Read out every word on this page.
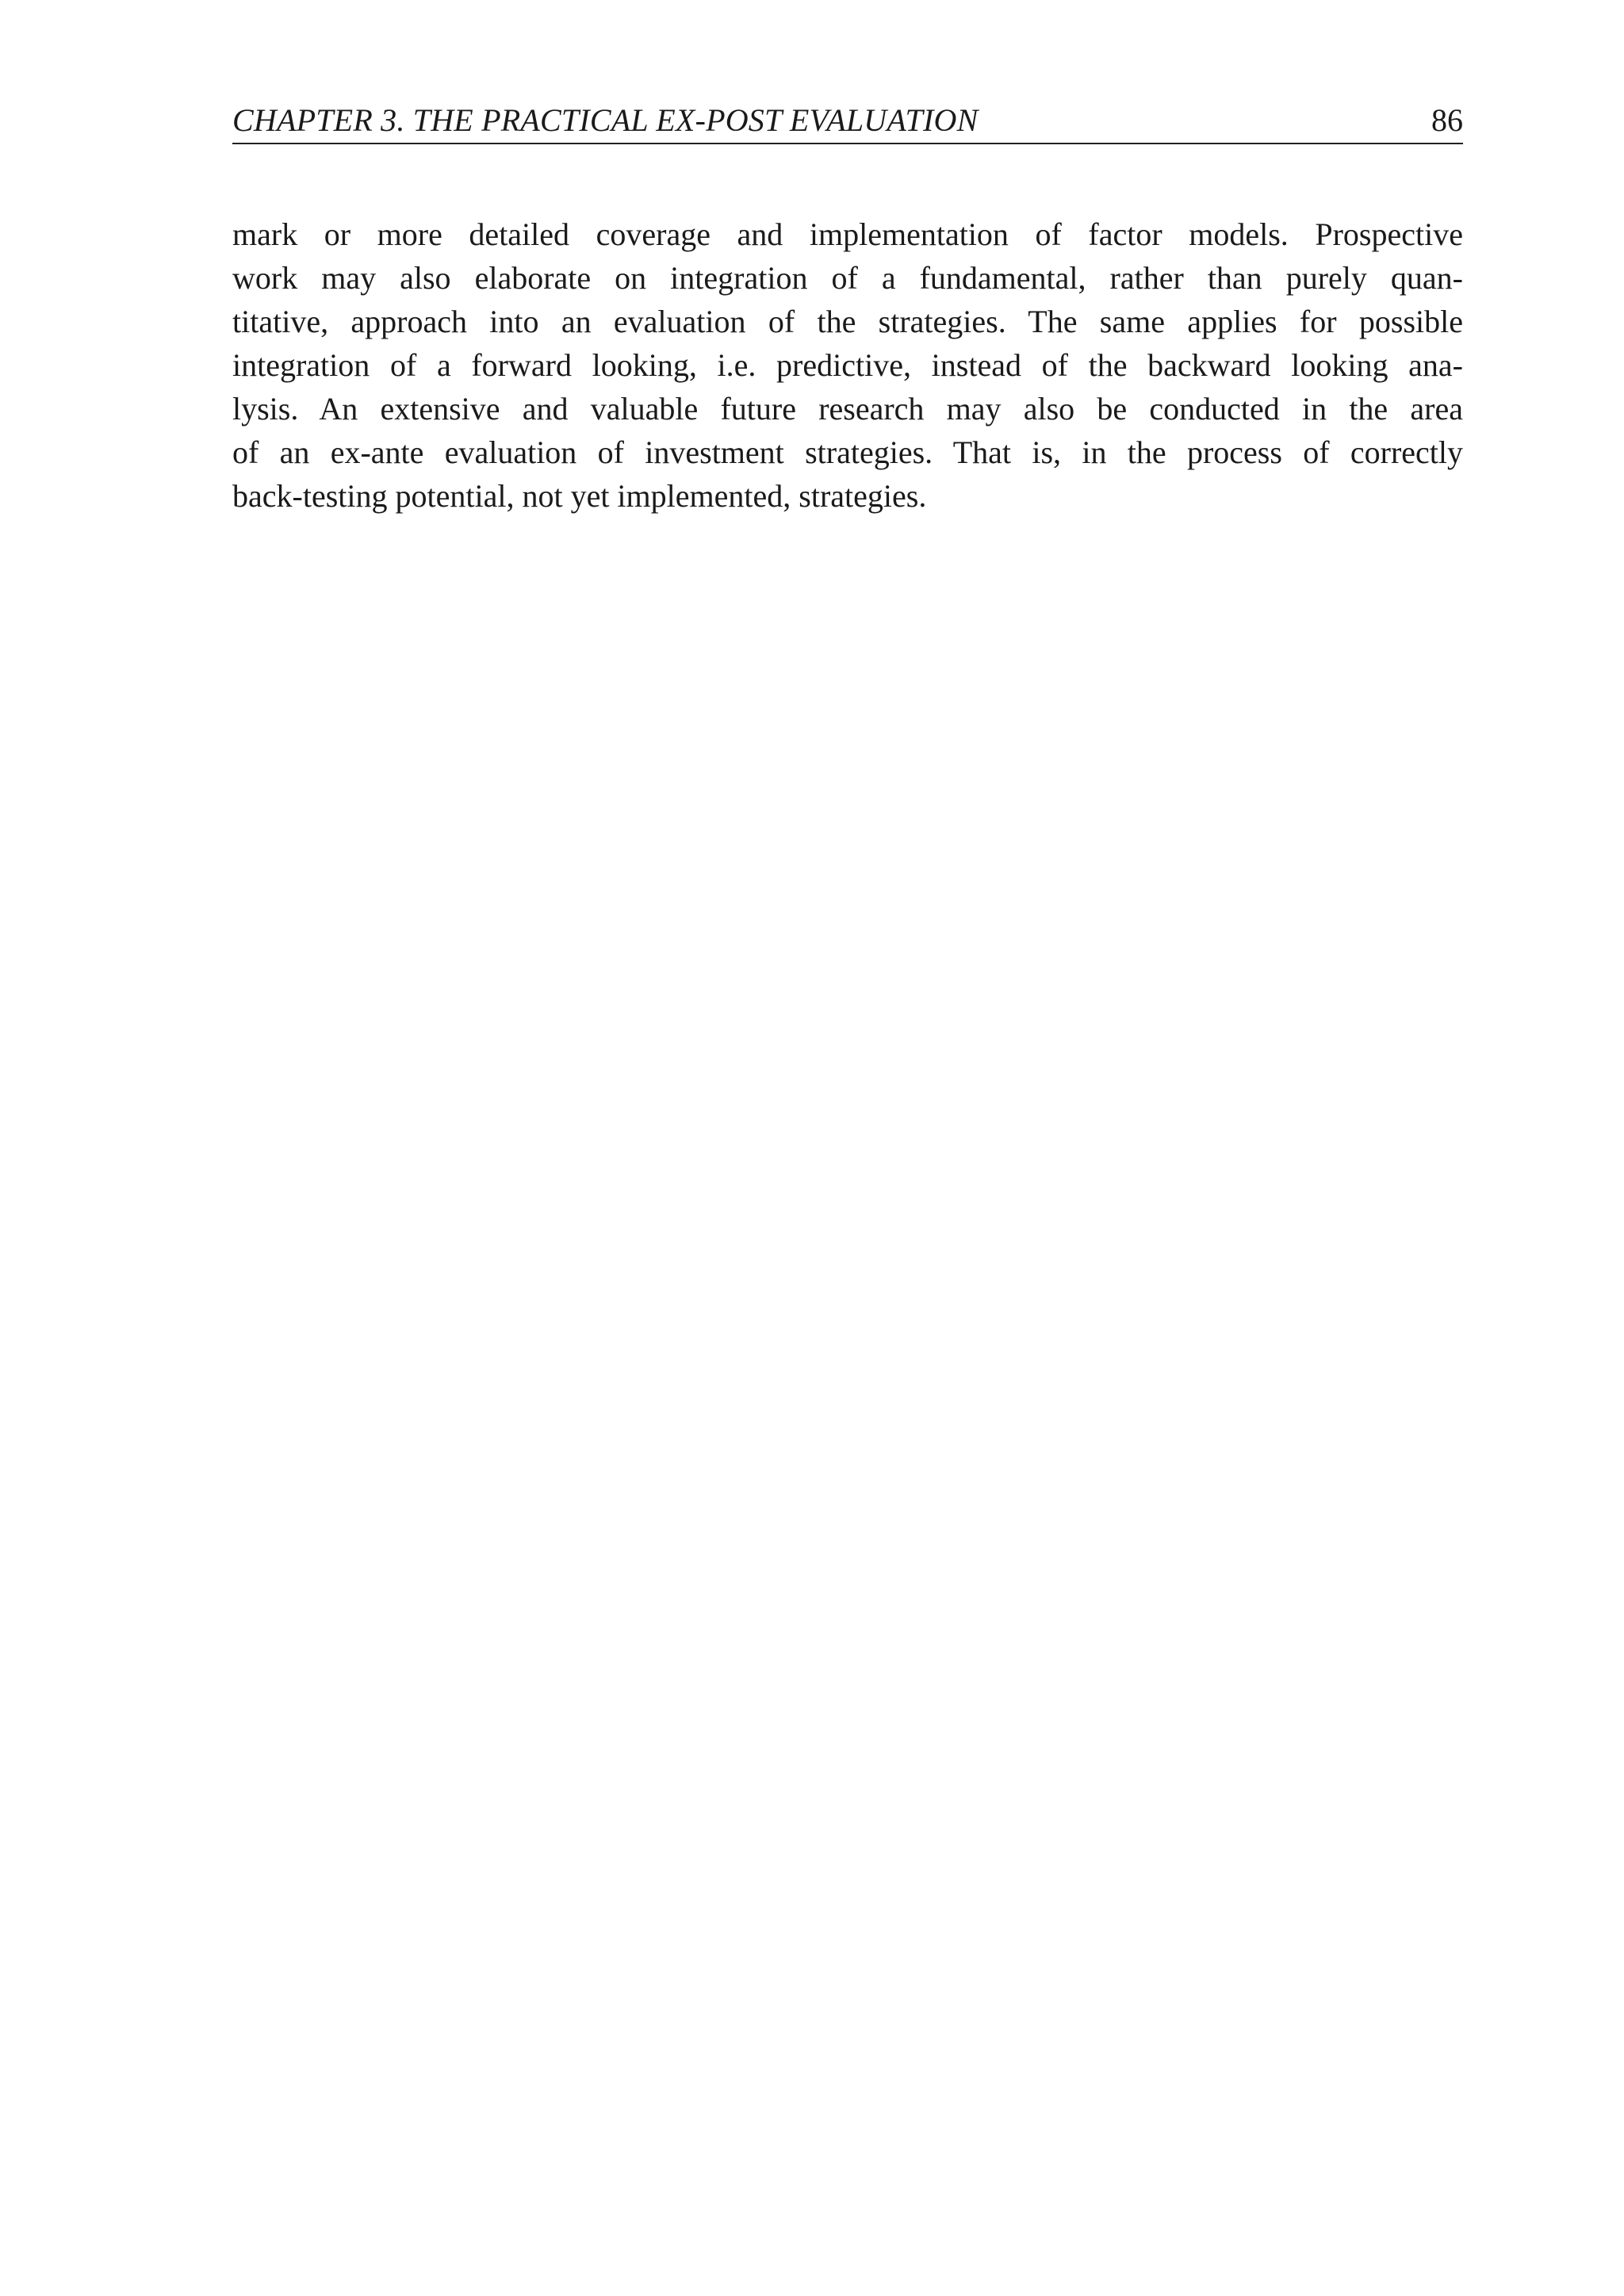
CHAPTER 3. THE PRACTICAL EX-POST EVALUATION	86
mark or more detailed coverage and implementation of factor models. Prospective
work may also elaborate on integration of a fundamental, rather than purely quan-
titative, approach into an evaluation of the strategies. The same applies for possible
integration of a forward looking, i.e. predictive, instead of the backward looking ana-
lysis. An extensive and valuable future research may also be conducted in the area
of an ex-ante evaluation of investment strategies. That is, in the process of correctly
back-testing potential, not yet implemented, strategies.
